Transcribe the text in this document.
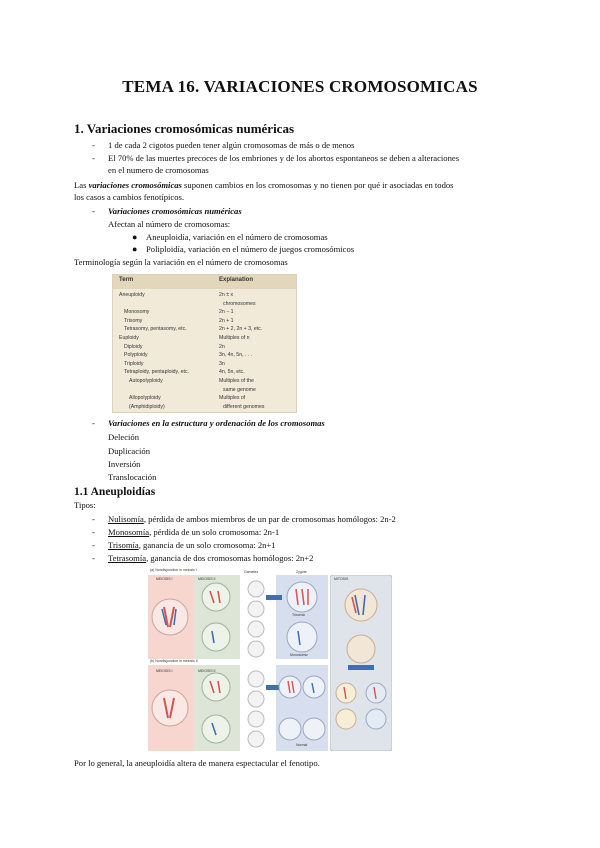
TEMA 16. VARIACIONES CROMOSOMICAS
1. Variaciones cromosómicas numéricas
- 1 de cada 2 cigotos pueden tener algún cromosomas de más o de menos
- El 70% de las muertes precoces de los embriones y de los abortos espontaneos se deben a alteraciones
en el numero de cromosomas
Las variaciones cromosómicas suponen cambios en los cromosomas y no tienen por qué ir asociadas en todos
los casos a cambios fenotípicos.
- Variaciones cromosómicas numéricas
Afectan al número de cromosomas:
● Aneuploidía, variación en el número de cromosomas
● Poliploidía, variación en el número de juegos cromosómicos
Terminología según la variación en el número de cromosomas
Term	Explanation
Aneuploidy	2n ± x
chromosomes
Monosomy	2n − 1
Trisomy	2n + 1
Tetrasomy, pentasomy, etc.	2n + 2, 2n + 3, etc.
Euploidy	Multiples of n
Diploidy	2n
Polyploidy	3n, 4n, 5n, . . .
Triploidy	3n
Tetraploidy, pentaploidy, etc.	4n, 5n, etc.
Autopolyploidy	Multiples of the
same genome
Allopolyploidy	Multiples of
(Amphidiploidy)	different genomes
- Variaciones en la estructura y ordenación de los cromosomas
Deleción
Duplicación
Inversión
Translocación
1.1 Aneuploidías
Tipos:
- Nulisomía, pérdida de ambos miembros de un par de cromosomas homólogos: 2n-2
- Monosomía, pérdida de un solo cromosoma: 2n-1
- Trisomía, ganancia de un solo cromosoma: 2n+1
- Tetrasomía, ganancia de dos cromosomas homólogos: 2n+2
(a) Nondisjunction in meiosis I
MEIOSIS I	MEIOSIS II
Gametes	Zygote
Trisomic
Monosomic
(b) Nondisjunction in meiosis II
MEIOSIS I	MEIOSIS II
Normal
MITOSIS
Por lo general, la aneuploidía altera de manera espectacular el fenotipo.
